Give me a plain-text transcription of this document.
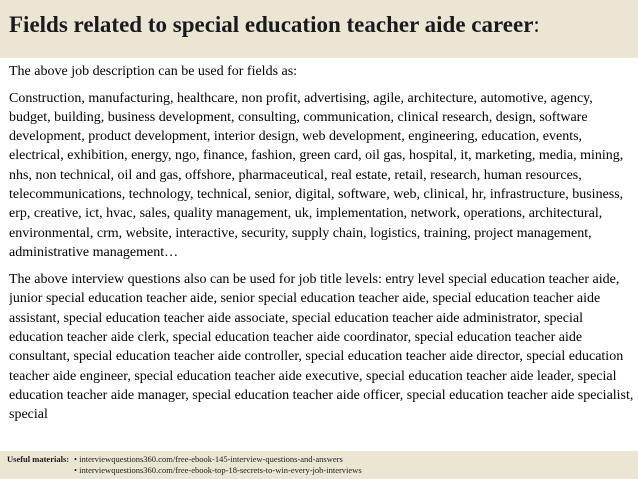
Fields related to special education teacher aide career:

The above job description can be used for fields as:

Construction, manufacturing, healthcare, non profit, advertising, agile, architecture, automotive, agency, budget, building, business development, consulting, communication, clinical research, design, software development, product development, interior design, web development, engineering, education, events, electrical, exhibition, energy, ngo, finance, fashion, green card, oil gas, hospital, it, marketing, media, mining, nhs, non technical, oil and gas, offshore, pharmaceutical, real estate, retail, research, human resources, telecommunications, technology, technical, senior, digital, software, web, clinical, hr, infrastructure, business, erp, creative, ict, hvac, sales, quality management, uk, implementation, network, operations, architectural, environmental, crm, website, interactive, security, supply chain, logistics, training, project management, administrative management…

The above interview questions also can be used for job title levels: entry level special education teacher aide, junior special education teacher aide, senior special education teacher aide, special education teacher aide assistant, special education teacher aide associate, special education teacher aide administrator, special education teacher aide clerk, special education teacher aide coordinator, special education teacher aide consultant, special education teacher aide controller, special education teacher aide director, special education teacher aide engineer, special education teacher aide executive, special education teacher aide leader, special education teacher aide manager, special education teacher aide officer, special education teacher aide specialist, special

Useful materials: • interviewquestions360.com/free-ebook-145-interview-questions-and-answers
• interviewquestions360.com/free-ebook-top-18-secrets-to-win-every-job-interviews
